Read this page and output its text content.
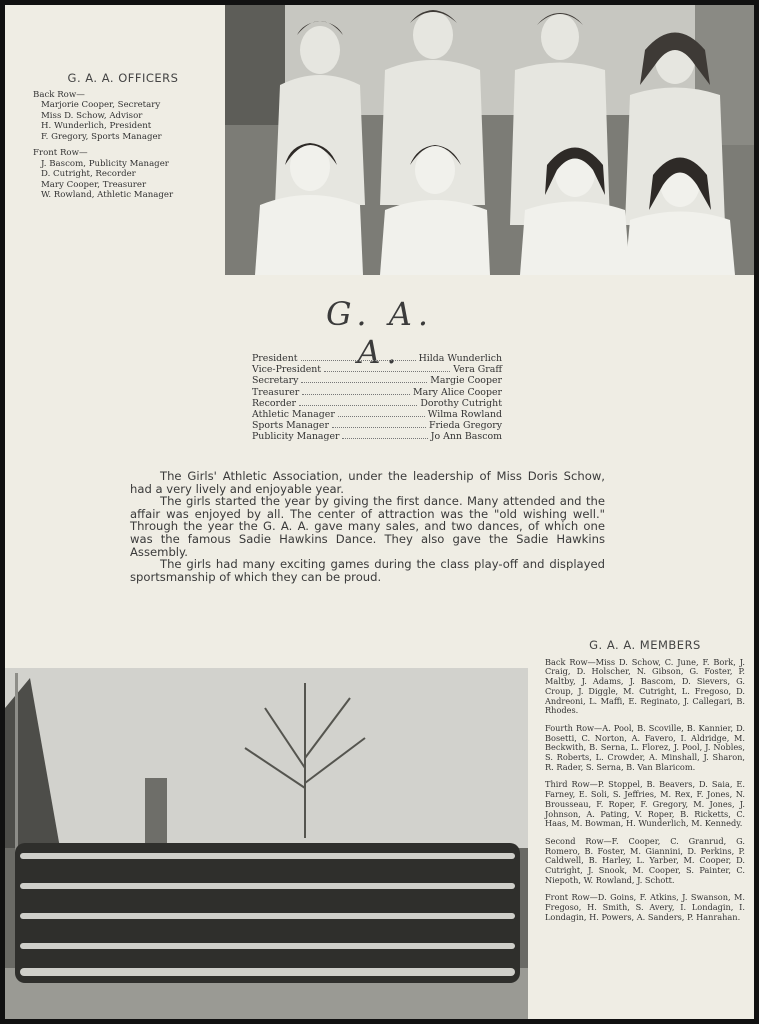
G. A. A. OFFICERS
Back Row—
Marjorie Cooper, Secretary
Miss D. Schow, Advisor
H. Wunderlich, President
F. Gregory, Sports Manager
Front Row—
J. Bascom, Publicity Manager
D. Cutright, Recorder
Mary Cooper, Treasurer
W. Rowland, Athletic Manager
G. A. A.
President	Hilda Wunderlich
Vice-President	Vera Graff
Secretary	Margie Cooper
Treasurer	Mary Alice Cooper
Recorder	Dorothy Cutright
Athletic Manager	Wilma Rowland
Sports Manager	Frieda Gregory
Publicity Manager	Jo Ann Bascom

The Girls' Athletic Association, under the leadership of Miss Doris Schow, had a very lively and enjoyable year.

The girls started the year by giving the first dance. Many attended and the affair was enjoyed by all. The center of attraction was the "old wishing well." Through the year the G. A. A. gave many sales, and two dances, of which one was the famous Sadie Hawkins Dance. They also gave the Sadie Hawkins Assembly.

The girls had many exciting games during the class play-off and displayed sportsmanship of which they can be proud.

G. A. A. MEMBERS
Back Row—Miss D. Schow, C. June, F. Bork, J. Craig, D. Holscher, N. Gibson, G. Foster, P. Maltby, J. Adams, J. Bascom, D. Sievers, G. Croup, J. Diggle, M. Cutright, L. Fregoso, D. Andreoni, L. Maffi, E. Reginato, J. Callegari, B. Rhodes.
Fourth Row—A. Pool, B. Scoville, B. Kannier, D. Bosetti, C. Norton, A. Favero, I. Aldridge, M. Beckwith, B. Serna, L. Florez, J. Pool, J. Nobles, S. Roberts, L. Crowder, A. Minshall, J. Sharon, R. Rader, S. Serna, B. Van Blaricom.
Third Row—P. Stoppel, B. Beavers, D. Saia, E. Farney, E. Soli, S. Jeffries, M. Rex, F. Jones, N. Brousseau, F. Roper, F. Gregory, M. Jones, J. Johnson, A. Pating, V. Roper, B. Ricketts, C. Haas, M. Bowman, H. Wunderlich, M. Kennedy.
Second Row—F. Cooper, C. Granrud, G. Romero, B. Foster, M. Giannini, D. Perkins, P. Caldwell, B. Harley, L. Yarber, M. Cooper, D. Cutright, J. Snook, M. Cooper, S. Painter, C. Niepoth, W. Rowland, J. Schott.
Front Row—D. Goins, F. Atkins, J. Swanson, M. Fregoso, H. Smith, S. Avery, I. Londagin, I. Londagin, H. Powers, A. Sanders, P. Hanrahan.
